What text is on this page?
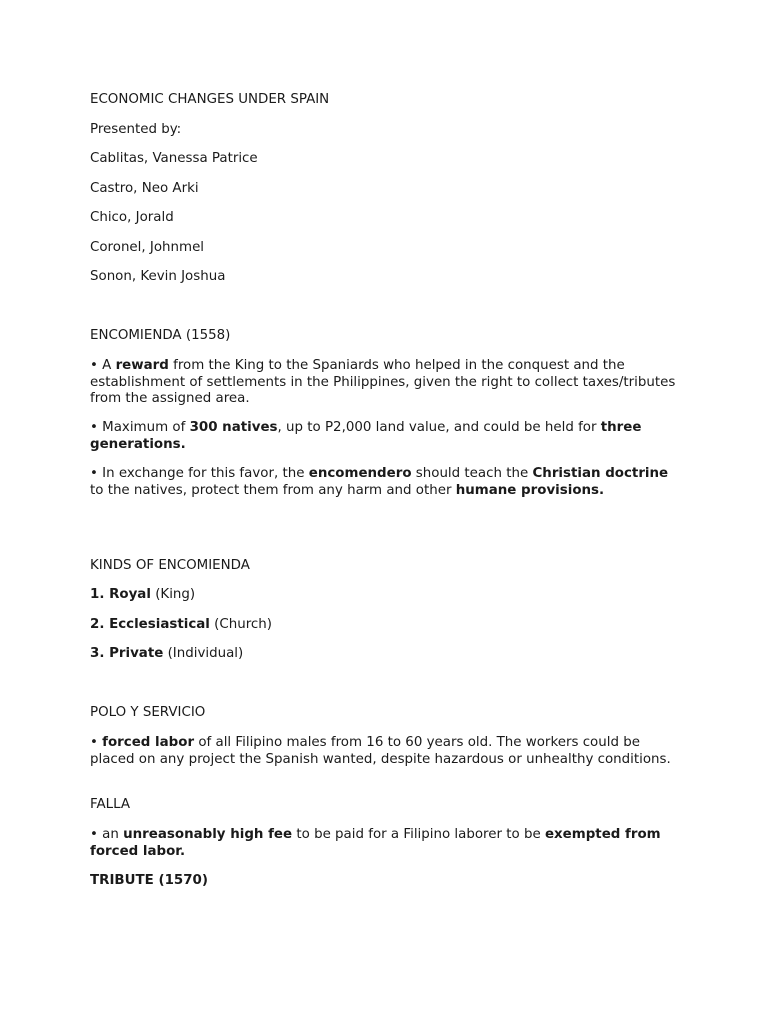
ECONOMIC CHANGES UNDER SPAIN

Presented by:

Cablitas, Vanessa Patrice

Castro, Neo Arki

Chico, Jorald

Coronel, Johnmel

Sonon, Kevin Joshua

ENCOMIENDA (1558)

• A reward from the King to the Spaniards who helped in the conquest and the establishment of settlements in the Philippines, given the right to collect taxes/tributes from the assigned area.

• Maximum of 300 natives, up to P2,000 land value, and could be held for three generations.

• In exchange for this favor, the encomendero should teach the Christian doctrine to the natives, protect them from any harm and other humane provisions.

KINDS OF ENCOMIENDA

1. Royal (King)

2. Ecclesiastical (Church)

3. Private (Individual)

POLO Y SERVICIO

• forced labor of all Filipino males from 16 to 60 years old. The workers could be placed on any project the Spanish wanted, despite hazardous or unhealthy conditions.

FALLA

• an unreasonably high fee to be paid for a Filipino laborer to be exempted from forced labor.

TRIBUTE (1570)
